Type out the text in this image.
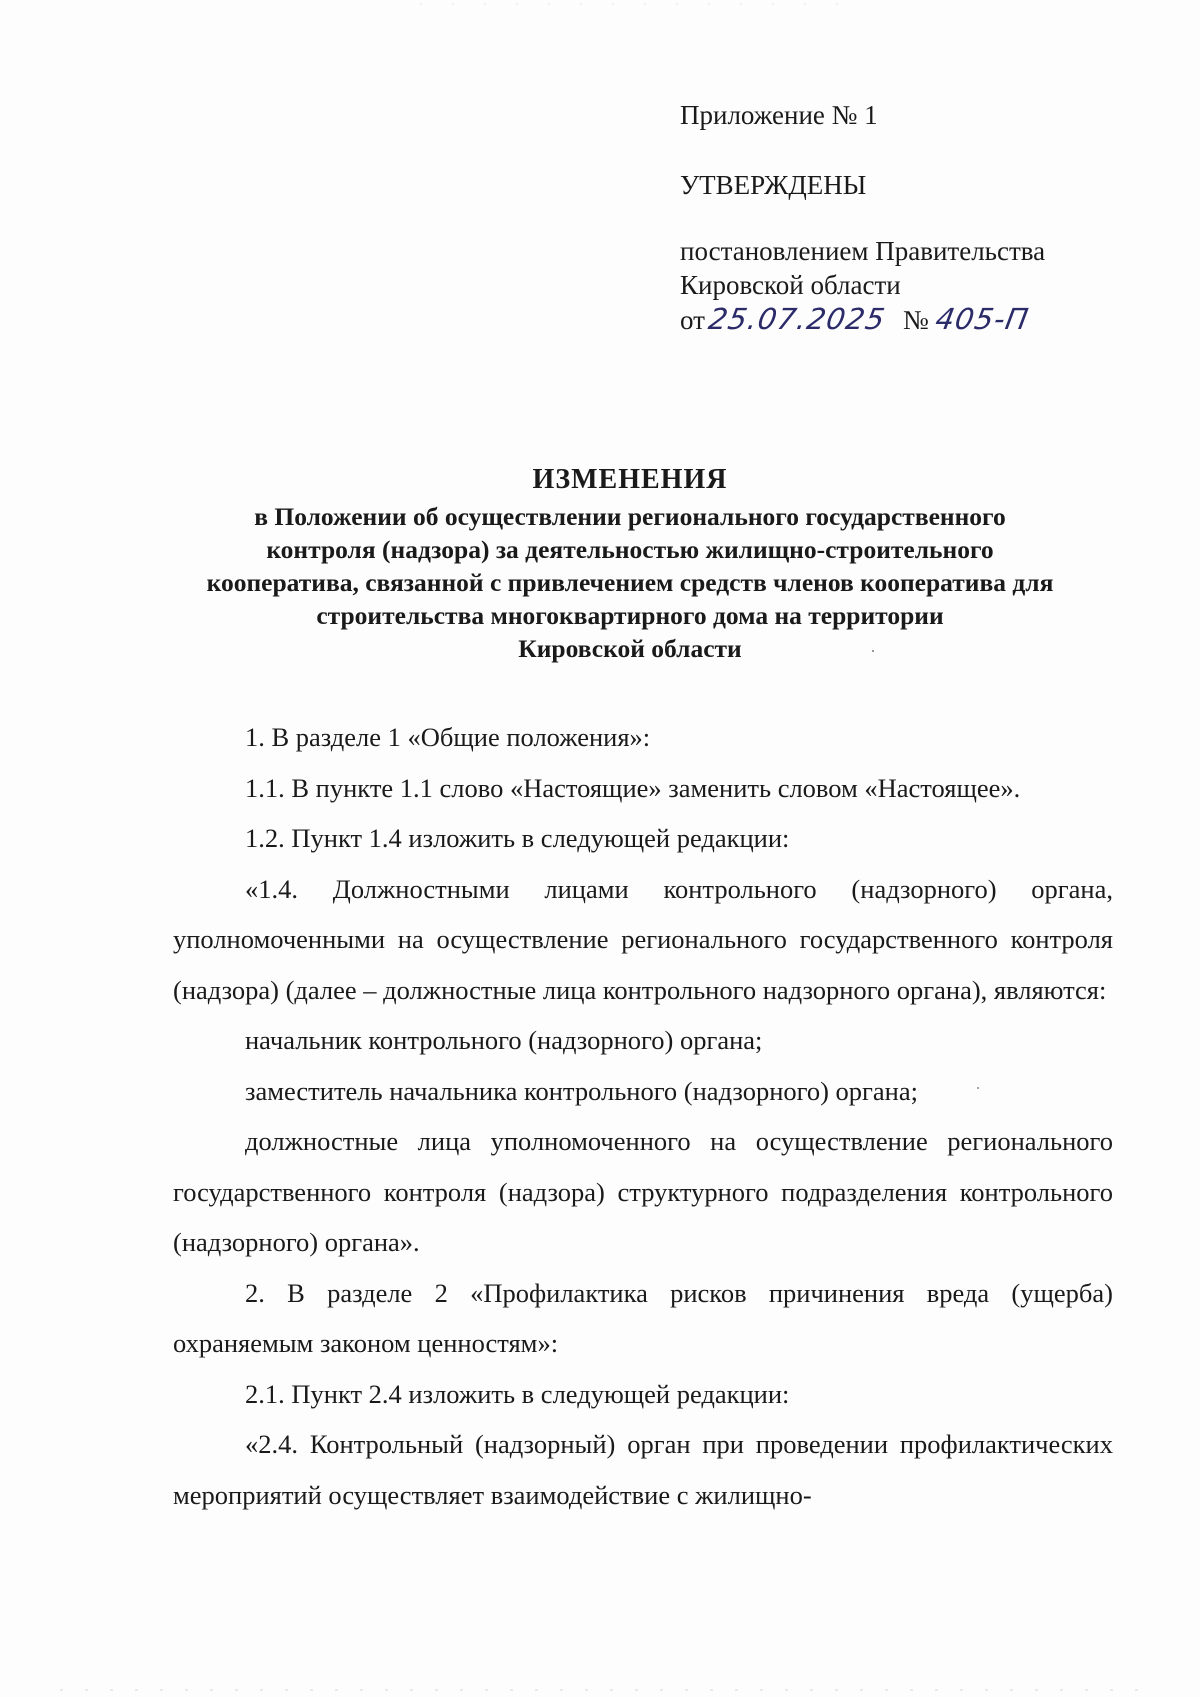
Приложение № 1
УТВЕРЖДЕНЫ
постановлением Правительства
Кировской области
от25.07.2025 № 405-П
ИЗМЕНЕНИЯ
в Положении об осуществлении регионального государственного
контроля (надзора) за деятельностью жилищно-строительного
кооператива, связанной с привлечением средств членов кооператива для
строительства многоквартирного дома на территории
Кировской области

1. В разделе 1 «Общие положения»:

1.1. В пункте 1.1 слово «Настоящие» заменить словом «Настоящее».

1.2. Пункт 1.4 изложить в следующей редакции:

«1.4. Должностными лицами контрольного (надзорного) органа, уполномоченными на осуществление регионального государственного контроля (надзора) (далее – должностные лица контрольного надзорного органа), являются:

начальник контрольного (надзорного) органа;

заместитель начальника контрольного (надзорного) органа;

должностные лица уполномоченного на осуществление регионального государственного контроля (надзора) структурного подразделения контрольного (надзорного) органа».

2. В разделе 2 «Профилактика рисков причинения вреда (ущерба) охраняемым законом ценностям»:

2.1. Пункт 2.4 изложить в следующей редакции:

«2.4. Контрольный (надзорный) орган при проведении профилактических мероприятий осуществляет взаимодействие с жилищно-
